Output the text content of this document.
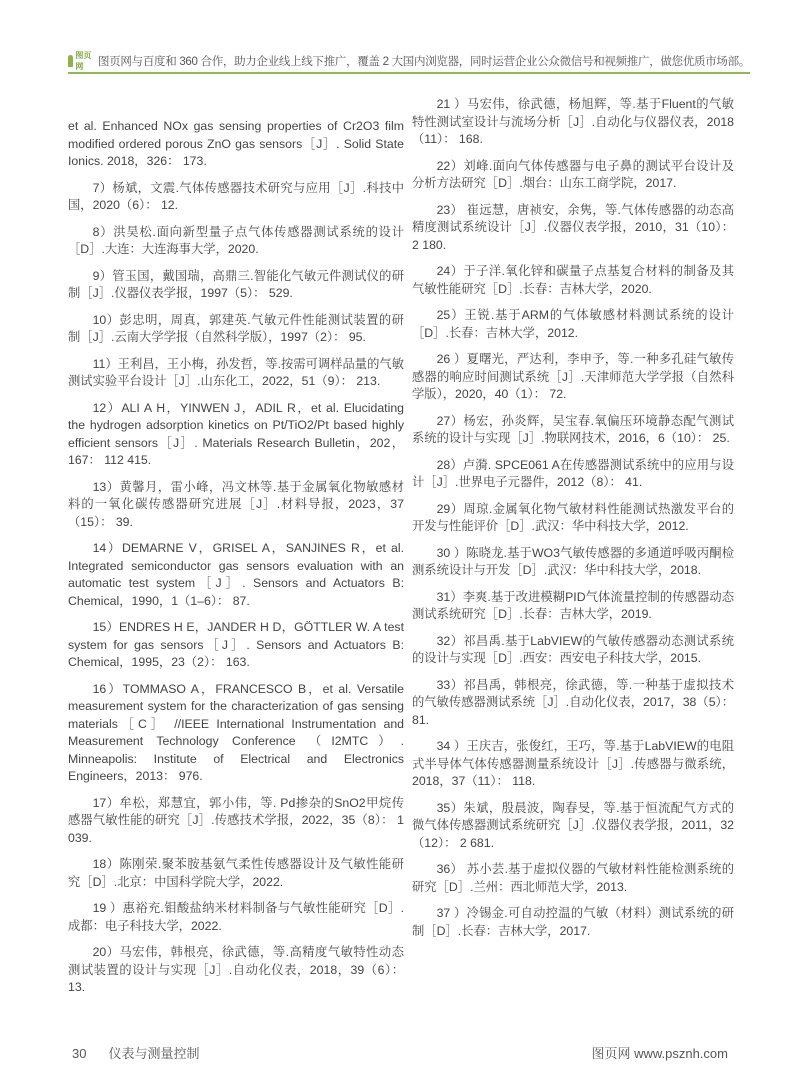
图页网	图页网与百度和 360 合作，助力企业线上线下推广，覆盖 2 大国内浏览器，同时运营企业公众微信号和视频推广，做您优质市场部。

et al. Enhanced NOx gas sensing properties of Cr2O3 film modified ordered porous ZnO gas sensors［J］. Solid State Ionics. 2018，326： 173.

7）杨斌，文震.气体传感器技术研究与应用［J］.科技中国，2020（6）： 12.

8）洪昊松.面向新型量子点气体传感器测试系统的设计［D］.大连：大连海事大学，2020.

9）管玉国，戴国瑞，高鼎三.智能化气敏元件测试仪的研制［J］.仪器仪表学报，1997（5）： 529.

10）彭忠明，周真，郭建英.气敏元件性能测试装置的研制［J］.云南大学学报（自然科学版），1997（2）： 95.

11）王利昌，王小梅，孙发哲，等.按需可调样品量的气敏测试实验平台设计［J］.山东化工，2022，51（9）： 213.

12）ALI A H，YINWEN J，ADIL R，et al. Elucidating the hydrogen adsorption kinetics on Pt/TiO2/Pt based highly efficient sensors［J］. Materials Research Bulletin，202，167： 112 415.

13）黄馨月，雷小峰，冯文林等.基于金属氧化物敏感材料的一氧化碳传感器研究进展［J］.材料导报，2023，37（15）： 39.

14）DEMARNE V，GRISEL A，SANJINES R，et al. Integrated semiconductor gas sensors evaluation with an automatic test system［J］. Sensors and Actuators B: Chemical，1990，1（1–6）： 87.

15）ENDRES H E，JANDER H D，GÖTTLER W. A test system for gas sensors［J］. Sensors and Actuators B: Chemical，1995，23（2）： 163.

16）TOMMASO A，FRANCESCO B，et al. Versatile measurement system for the characterization of gas sensing materials［C］ //IEEE International Instrumentation and Measurement Technology Conference （I2MTC）. Minneapolis: Institute of Electrical and Electronics Engineers，2013： 976.

17）牟松，郑慧宜，郭小伟，等. Pd掺杂的SnO2甲烷传感器气敏性能的研究［J］.传感技术学报，2022，35（8）： 1 039.

18）陈刚荣.聚苯胺基氨气柔性传感器设计及气敏性能研究［D］.北京：中国科学院大学，2022.

19 ）惠裕充.钼酸盐纳米材料制备与气敏性能研究［D］.成都：电子科技大学，2022.

20）马宏伟，韩根亮，徐武德，等.高精度气敏特性动态测试装置的设计与实现［J］.自动化仪表，2018，39（6）： 13.

21 ）马宏伟，徐武德，杨旭辉，等.基于Fluent的气敏特性测试室设计与流场分析［J］.自动化与仪器仪表，2018（11）： 168.

22）刘峰.面向气体传感器与电子鼻的测试平台设计及分析方法研究［D］.烟台：山东工商学院，2017.

23） 崔远慧，唐祯安，余隽，等.气体传感器的动态高精度测试系统设计［J］.仪器仪表学报，2010，31（10）： 2 180.

24）于子洋.氧化锌和碳量子点基复合材料的制备及其气敏性能研究［D］.长春：吉林大学，2020.

25）王锐.基于ARM的气体敏感材料测试系统的设计［D］.长春：吉林大学，2012.

26 ）夏曙光，严达利，李申予，等.一种多孔硅气敏传感器的响应时间测试系统［J］.天津师范大学学报（自然科学版），2020，40（1）： 72.

27）杨宏，孙炎辉，吴宝春.氧偏压环境静态配气测试系统的设计与实现［J］.物联网技术，2016，6（10）： 25.

28）卢漪. SPCE061 A在传感器测试系统中的应用与设计［J］.世界电子元器件，2012（8）： 41.

29）周琼.金属氧化物气敏材料性能测试热激发平台的开发与性能评价［D］.武汉：华中科技大学，2012.

30 ）陈晓龙.基于WO3气敏传感器的多通道呼吸丙酮检测系统设计与开发［D］.武汉：华中科技大学，2018.

31）李爽.基于改进模糊PID气体流量控制的传感器动态测试系统研究［D］.长春：吉林大学，2019.

32）祁昌禹.基于LabVIEW的气敏传感器动态测试系统的设计与实现［D］.西安：西安电子科技大学，2015.

33）祁昌禹，韩根亮，徐武德，等.一种基于虚拟技术的气敏传感器测试系统［J］.自动化仪表，2017，38（5）： 81.

34 ）王庆吉，张俊红，王巧，等.基于LabVIEW的电阻式半导体气体传感器测量系统设计［J］.传感器与微系统，2018，37（11）： 118.

35）朱斌，殷晨波，陶春旻，等.基于恒流配气方式的微气体传感器测试系统研究［J］.仪器仪表学报，2011，32（12）： 2 681.

36） 苏小芸.基于虚拟仪器的气敏材料性能检测系统的研究［D］.兰州：西北师范大学，2013.

37 ）冷锡金.可自动控温的气敏（材料）测试系统的研制［D］.长春：吉林大学，2017.

30 仪表与测量控制	图页网 www.psznh.com
